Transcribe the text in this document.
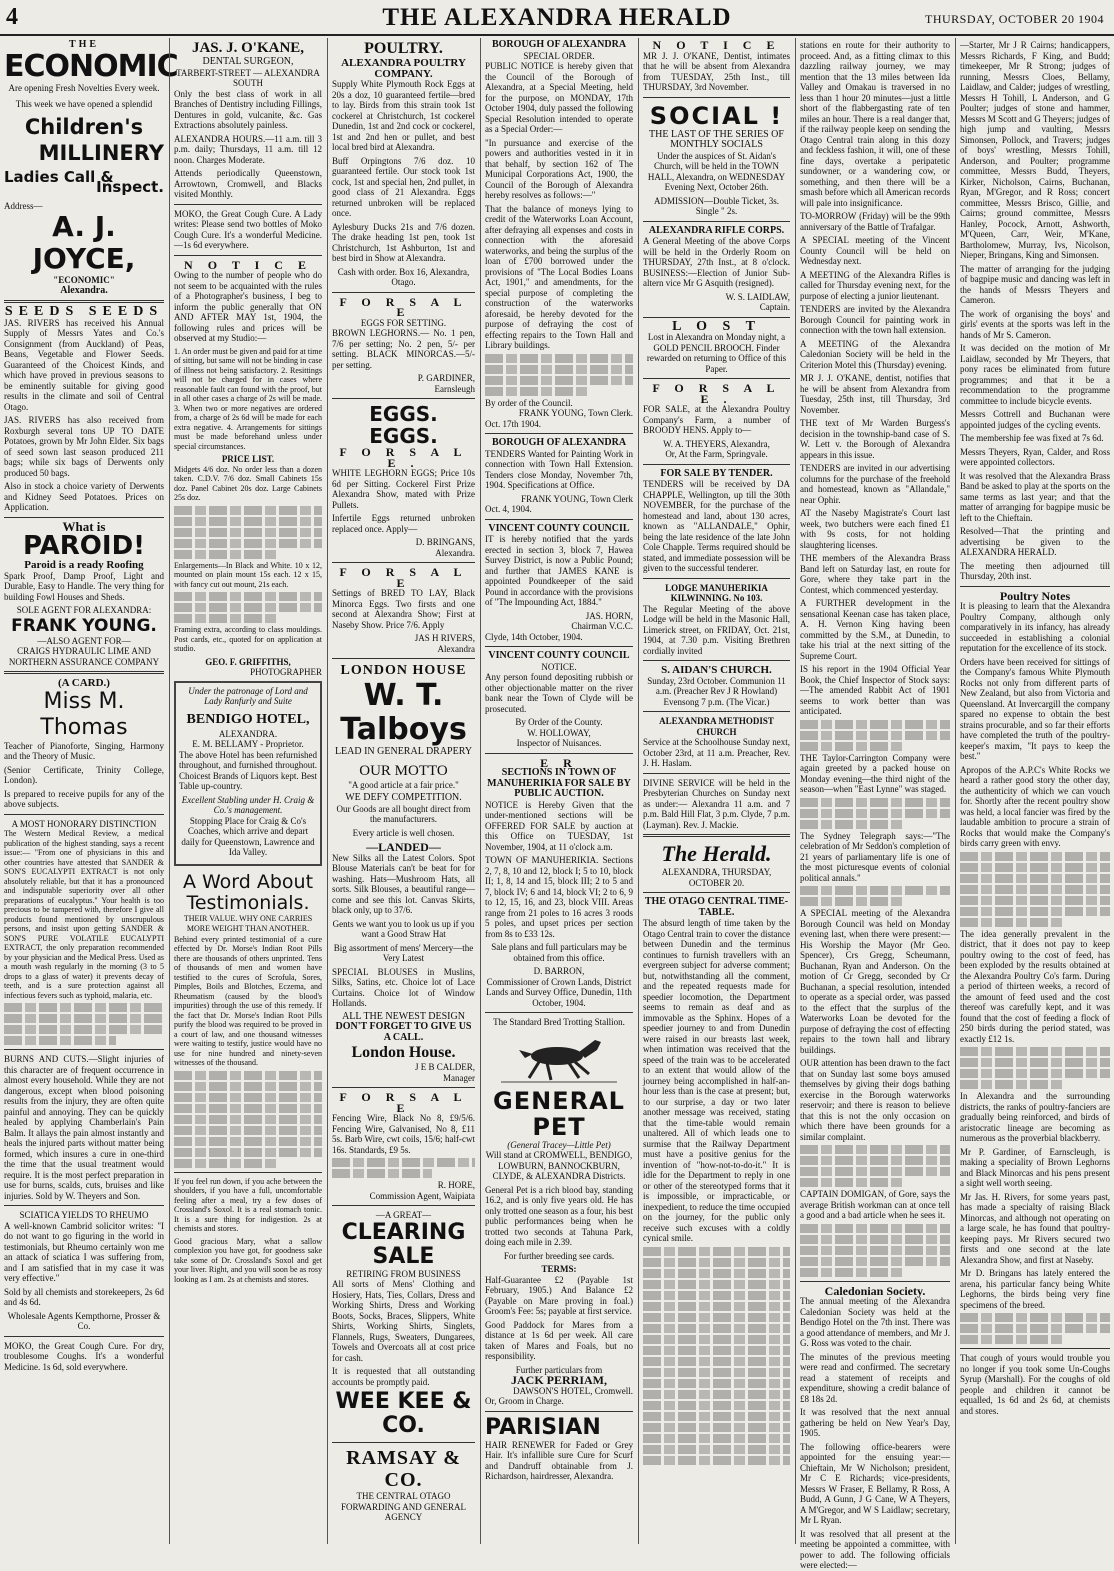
4	THE ALEXANDRA HERALD	THURSDAY, OCTOBER 20 1904
THE
ECONOMIC
Are opening Fresh Novelties Every week.
This week we have opened a splendid
Children's
MILLINERY
Ladies Call &
Inspect.
Address—
A. J. JOYCE,
"ECONOMIC"
Alexandra.
SEEDS SEEDS

JAS. RIVERS has received his Annual Supply of Messrs Yates and Co.'s Consignment (from Auckland) of Peas, Beans, Vegetable and Flower Seeds. Guaranteed of the Choicest Kinds, and which have proved in previous seasons to be eminently suitable for giving good results in the climate and soil of Central Otago.

JAS. RIVERS has also received from Roxburgh several tons UP TO DATE Potatoes, grown by Mr John Elder. Six bags of seed sown last season produced 211 bags; while six bags of Derwents only produced 50 bags.

Also in stock a choice variety of Derwents and Kidney Seed Potatoes. Prices on Application.

What is
PAROID!
Paroid is a ready Roofing

Spark Proof, Damp Proof, Light and Durable, Easy to Handle. The very thing for building Fowl Houses and Sheds.

SOLE AGENT FOR ALEXANDRA:
FRANK YOUNG.
—ALSO AGENT FOR—
CRAIGS HYDRAULIC LIME AND NORTHERN ASSURANCE COMPANY
(A CARD.)
Miss M. Thomas

Teacher of Pianoforte, Singing, Harmony and the Theory of Music.

(Senior Certificate, Trinity College, London).

Is prepared to receive pupils for any of the above subjects.

A MOST HONORARY DISTINCTION

The Western Medical Review, a medical publication of the highest standing, says a recent issue:— "From one of physicians in this and other countries have attested that SANDER & SON'S EUCALYPTI EXTRACT is not only absolutely reliable, but that it has a pronounced and indisputable superiority over all other preparations of eucalyptus." Your health is too precious to be tampered with, therefore I give all products found mentioned by unscrupulous persons, and insist upon getting SANDER & SON'S PURE VOLATILE EUCALYPTI EXTRACT, the only preparation recommended by your physician and the Medical Press. Used as a mouth wash regularly in the morning (3 to 5 drops to a glass of water) it prevents decay of teeth, and is a sure protection against all infectious fevers such as typhoid, malaria, etc.

BURNS AND CUTS.—Slight injuries of this character are of frequent occurrence in almost every household. While they are not dangerous, except when blood poisoning results from the injury, they are often quite painful and annoying. They can be quickly healed by applying Chamberlain's Pain Balm. It allays the pain almost instantly and heals the injured parts without matter being formed, which insures a cure in one-third the time that the usual treatment would require. It is the most perfect preparation in use for burns, scalds, cuts, bruises and like injuries. Sold by W. Theyers and Son.

SCIATICA YIELDS TO RHEUMO

A well-known Cambrid solicitor writes: "I do not want to go figuring in the world in testimonials, but Rheumo certainly won me an attack of sciatica I was suffering from, and I am satisfied that in my case it was very effective."

Sold by all chemists and storekeepers, 2s 6d and 4s 6d.

Wholesale Agents Kempthorne, Prosser & Co.

MOKO, the Great Cough Cure. For dry, troublesome Coughs. It's a wonderful Medicine. 1s 6d, sold everywhere.

JAS. J. O'KANE,
DENTAL SURGEON,
TARBERT-STREET — ALEXANDRA SOUTH

Only the best class of work in all Branches of Dentistry including Fillings, Dentures in gold, vulcanite, &c. Gas Extractions absolutely painless.

ALEXANDRA HOURS.—11 a.m. till 3 p.m. daily; Thursdays, 11 a.m. till 12 noon. Charges Moderate.

Attends periodically Queenstown, Arrowtown, Cromwell, and Blacks visited Monthly.

MOKO, the Great Cough Cure. A Lady writes: Please send two bottles of Moko Cough Cure. It's a wonderful Medicine.—1s 6d everywhere.

N O T I C E

Owing to the number of people who do not seem to be acquainted with the rules of a Photographer's business, I beg to inform the public generally that ON AND AFTER MAY 1st, 1904, the following rules and prices will be observed at my Studio:—

1. An order must be given and paid for at time of sitting, but same will not be binding in case of illness not being satisfactory. 2. Resittings will not be charged for in cases where reasonable fault can found with the proof, but in all other cases a charge of 2s will be made. 3. When two or more negatives are ordered from, a charge of 2s 6d will be made for each extra negative. 4. Arrangements for sittings must be made beforehand unless under special circumstances.

PRICE LIST.

Midgets 4/6 doz. No order less than a dozen taken. C.D.V. 7/6 doz. Small Cabinets 15s doz. Panel Cabinet 20s doz. Large Cabinets 25s doz.

Enlargements—In Black and White. 10 x 12, mounted on plain mount 15s each. 12 x 15, with fancy cut out mount, 21s each.

Framing extra, according to class mouldings. Post cards, etc., quoted for on application at studio.

GEO. F. GRIFFITHS,
PHOTOGRAPHER
Under the patronage of Lord and Lady Ranfurly and Suite
BENDIGO HOTEL,
ALEXANDRA.
E. M. BELLAMY - Proprietor.

The above Hotel has been refurnished throughout, and furnished throughout. Choicest Brands of Liquors kept. Best Table up-country.

Excellent Stabling under H. Craig & Co.'s management.

Stopping Place for Craig & Co's Coaches, which arrive and depart daily for Queenstown, Lawrence and Ida Valley.

A Word About Testimonials.
THEIR VALUE. WHY ONE CARRIES MORE WEIGHT THAN ANOTHER.

Behind every printed testimonial of a cure effected by Dr. Morse's Indian Root Pills there are thousands of others unprinted. Tens of thousands of men and women have testified to the cures of Scrofula, Sores, Pimples, Boils and Blotches, Eczema, and Rheumatism (caused by the blood's impurities) through the use of this remedy. If the fact that Dr. Morse's Indian Root Pills purify the blood was required to be proved in a court of law, and one thousand witnesses were waiting to testify, justice would have no use for nine hundred and ninety-seven witnesses of the thousand.

If you feel run down, if you ache between the shoulders, if you have a full, uncomfortable feeling after a meal, try a few doses of Crossland's Soxol. It is a real stomach tonic. It is a sure thing for indigestion. 2s at chemists and stores.

Good gracious Mary, what a sallow complexion you have got, for goodness sake take some of Dr. Crossland's Soxol and get your liver. Right, and you will soon be as rosy looking as I am. 2s at chemists and stores.

POULTRY.
ALEXANDRA POULTRY COMPANY.

Supply White Plymouth Rock Eggs at 20s a doz, 10 guaranteed fertile—bred to lay. Birds from this strain took 1st cockerel at Christchurch, 1st cockerel Dunedin, 1st and 2nd cock or cockerel, 1st and 2nd hen or pullet, and best local bred bird at Alexandra.

Buff Orpingtons 7/6 doz. 10 guaranteed fertile. Our stock took 1st cock, 1st and special hen, 2nd pullet, in good class of 21 Alexandra. Eggs returned unbroken will be replaced once.

Aylesbury Ducks 21s and 7/6 dozen. The drake heading 1st pen, took 1st Christchurch, 1st Ashburton, 1st and best bird in Show at Alexandra.

Cash with order. Box 16, Alexandra, Otago.
F O R S A L E
EGGS FOR SETTING.

BROWN LEGHORNS.— No. 1 pen, 7/6 per setting; No. 2 pen, 5/- per setting. BLACK MINORCAS.—5/- per setting.

P. GARDINER,
Earnsleugh
EGGS. EGGS.
F O R S A L E .

WHITE LEGHORN EGGS; Price 10s 6d per Sitting. Cockerel First Prize Alexandra Show, mated with Prize Pullets.

Infertile Eggs returned unbroken replaced once. Apply—

D. BRINGANS,
Alexandra.
F O R S A L E

Settings of BRED TO LAY, Black Minorca Eggs. Two firsts and one second at Alexandra Show; First at Naseby Show. Price 7/6. Apply

JAS H RIVERS,
Alexandra
LONDON HOUSE
W. T. Talboys
LEAD IN GENERAL DRAPERY
OUR MOTTO
"A good article at a fair price."
WE DEFY COMPETITION.

Our Goods are all bought direct from the manufacturers.

Every article is well chosen.
—LANDED—

New Silks all the Latest Colors. Spot Blouse Materials can't be beat for for washing. Hats—Mushroom Hats, all sorts. Silk Blouses, a beautiful range—come and see this lot. Canvas Skirts, black only, up to 37/6.

Gents we want you to look us up if you want a Good Straw Hat

Big assortment of mens' Mercery—the Very Latest

SPECIAL BLOUSES in Muslins, Silks, Satins, etc. Choice lot of Lace Curtains. Choice lot of Window Hollands.

ALL THE NEWEST DESIGN
DON'T FORGET TO GIVE US A CALL.
London House.
J E B CALDER,
Manager
F O R S A L E

Fencing Wire, Black No 8, £9/5/6. Fencing Wire, Galvanised, No 8, £11 5s. Barb Wire, cwt coils, 15/6; half-cwt 16s. Standards, £9 5s.

R. HORE,
Commission Agent, Waipiata
—A GREAT—
CLEARING SALE
RETIRING FROM BUSINESS

All sorts of Mens' Clothing and Hosiery, Hats, Ties, Collars, Dress and Working Shirts, Dress and Working Boots, Socks, Braces, Slippers, White Shirts, Working Shirts, Singlets, Flannels, Rugs, Sweaters, Dungarees, Towels and Overcoats all at cost price for cash.

It is requested that all outstanding accounts be promptly paid.

WEE KEE & CO.
RAMSAY & CO.
THE CENTRAL OTAGO FORWARDING AND GENERAL AGENCY
BOROUGH OF ALEXANDRA
SPECIAL ORDER.

PUBLIC NOTICE is hereby given that the Council of the Borough of Alexandra, at a Special Meeting, held for the purpose, on MONDAY, 17th October 1904, duly passed the following Special Resolution intended to operate as a Special Order:—

"In pursuance and exercise of the powers and authorities vested in it in that behalf, by section 162 of The Municipal Corporations Act, 1900, the Council of the Borough of Alexandra hereby resolves as follows:—"

That the balance of moneys lying to credit of the Waterworks Loan Account, after defraying all expenses and costs in connection with the aforesaid waterworks, and being the surplus of the loan of £700 borrowed under the provisions of "The Local Bodies Loans Act, 1901," and amendments, for the special purpose of completing the construction of the waterworks aforesaid, be hereby devoted for the purpose of defraying the cost of effecting repairs to the Town Hall and Library buildings.

By order of the Council.
FRANK YOUNG, Town Clerk.
Oct. 17th 1904.
BOROUGH OF ALEXANDRA

TENDERS Wanted for Painting Work in connection with Town Hall Extension. Tenders close Monday, November 7th, 1904. Specifications at Office.

FRANK YOUNG, Town Clerk
Oct. 4, 1904.
VINCENT COUNTY COUNCIL

IT is hereby notified that the yards erected in section 3, block 7, Hawea Survey District, is now a Public Pound; and further that JAMES KANE is appointed Poundkeeper of the said Pound in accordance with the provisions of "The Impounding Act, 1884."

JAS. HORN,
Chairman V.C.C.
Clyde, 14th October, 1904.
VINCENT COUNTY COUNCIL
NOTICE.

Any person found depositing rubbish or other objectionable matter on the river bank near the Town of Clyde will be prosecuted.

By Order of the County.
W. HOLLOWAY,
Inspector of Nuisances.
E R
SECTIONS IN TOWN OF MANUHERIKIA FOR SALE BY PUBLIC AUCTION.

NOTICE is Hereby Given that the under-mentioned sections will be OFFERED FOR SALE by auction at this Office on TUESDAY, 1st November, 1904, at 11 o'clock a.m.

TOWN OF MANUHERIKIA. Sections 2, 7, 8, 10 and 12, block I; 5 to 10, block II; 1, 8, 14 and 15, block III; 2 to 5 and 7, block IV; 6 and 14, block VI; 2 to 6, 9 to 12, 15, 16, and 23, block VIII. Areas range from 21 poles to 16 acres 3 roods 5 poles, and upset prices per section from 8s to £33 12s.

Sale plans and full particulars may be obtained from this office.

D. BARRON,

Commissioner of Crown Lands, District Lands and Survey Office, Dunedin, 11th October, 1904.

The Standard Bred Trotting Stallion.
GENERAL PET
(General Tracey—Little Pet)

Will stand at CROMWELL, BENDIGO, LOWBURN, BANNOCKBURN, CLYDE, & ALEXANDRA Districts.

General Pet is a rich blood bay, standing 16.2, and is only five years old. He has only trotted one season as a four, his best public performances being when he trotted two seconds at Tahuna Park, doing each mile in 2.39.

For further breeding see cards.
TERMS:

Half-Guarantee £2 (Payable 1st February, 1905.) And Balance £2 (Payable on Mare proving in foal.) Groom's Fee: 5s; payable at first service.

Good Paddock for Mares from a distance at 1s 6d per week. All care taken of Mares and Foals, but no responsibility.

Further particulars from
JACK PERRIAM,
DAWSON'S HOTEL, Cromwell.
Or, Groom in Charge.
PARISIAN

HAIR RENEWER for Faded or Grey Hair. It's infallible sure Cure for Scurf and Dandruff obtainable from J. Richardson, hairdresser, Alexandra.

N O T I C E

MR J. J. O'KANE, Dentist, intimates that he will be absent from Alexandra from TUESDAY, 25th Inst., till THURSDAY, 3rd November.

SOCIAL !
THE LAST OF THE SERIES OF MONTHLY SOCIALS

Under the auspices of St. Aidan's Church, will be held in the TOWN HALL, Alexandra, on WEDNESDAY Evening Next, October 26th.

ADMISSION—Double Ticket, 3s. Single " 2s.
ALEXANDRA RIFLE CORPS.

A General Meeting of the above Corps will be held in the Orderly Room on THURSDAY, 27th Inst., at 8 o'clock. BUSINESS:—Election of Junior Sub-altern vice Mr G Asquith (resigned).

W. S. LAIDLAW,
Captain.
L O S T

Lost in Alexandra on Monday night, a GOLD PENCIL BROOCH. Finder rewarded on returning to Office of this Paper.

F O R S A L E .

FOR SALE, at the Alexandra Poultry Company's Farm, a number of BROODY HENS. Apply to—

W. A. THEYERS, Alexandra,
Or, At the Farm, Springvale.
FOR SALE BY TENDER.

TENDERS will be received by DA CHAPPLE, Wellington, up till the 30th NOVEMBER, for the purchase of the homestead and land, about 130 acres, known as "ALLANDALE," Ophir, being the late residence of the late John Cole Chapple. Terms required should be stated, and immediate possession will be given to the successful tenderer.

LODGE MANUHERIKIA KILWINNING. No 103.

The Regular Meeting of the above Lodge will be held in the Masonic Hall, Limerick street, on FRIDAY, Oct. 21st, 1904, at 7.30 p.m. Visiting Brethren cordially invited

S. AIDAN'S CHURCH.

Sunday, 23rd October. Communion 11 a.m. (Preacher Rev J R Howland) Evensong 7 p.m. (The Vicar.)

ALEXANDRA METHODIST CHURCH

Service at the Schoolhouse Sunday next, October 23rd, at 11 a.m. Preacher, Rev. J. H. Haslam.

DIVINE SERVICE will be held in the Presbyterian Churches on Sunday next as under:— Alexandra 11 a.m. and 7 p.m. Bald Hill Flat, 3 p.m. Clyde, 7 p.m. (Layman). Rev. J. Mackie.

The Herald.
ALEXANDRA, THURSDAY, OCTOBER 20.
THE OTAGO CENTRAL TIME-TABLE.

The absurd length of time taken by the Otago Central train to cover the distance between Dunedin and the terminus continues to furnish travellers with an evergreen subject for adverse comment; but, notwithstanding all the comment, and the repeated requests made for speedier locomotion, the Department seems to remain as deaf and as immovable as the Sphinx. Hopes of a speedier journey to and from Dunedin were raised in our breasts last week, when intimation was received that the speed of the train was to be accelerated to an extent that would allow of the journey being accomplished in half-an-hour less than is the case at present; but, to our surprise, a day or two later another message was received, stating that the time-table would remain unaltered. All of which leads one to surmise that the Railway Department must have a positive genius for the invention of "how-not-to-do-it." It is idle for the Department to reply in one or other of the stereotyped forms that it is impossible, or impracticable, or inexpedient, to reduce the time occupied on the journey, for the public only receive such excuses with a coldly cynical smile.

stations en route for their authority to proceed. And, as a fitting climax to this dazzling railway journey, we may mention that the 13 miles between Ida Valley and Omakau is traversed in no less than 1 hour 20 minutes—just a little short of the flabbergasting rate of ten miles an hour. There is a real danger that, if the railway people keep on sending the Otago Central train along in this dozy and feckless fashion, it will, one of these fine days, overtake a peripatetic sundowner, or a wandering cow, or something, and then there will be a smash before which all American records will pale into insignificance.

TO-MORROW (Friday) will be the 99th anniversary of the Battle of Trafalgar.

A SPECIAL meeting of the Vincent County Council will be held on Wednesday next.

A MEETING of the Alexandra Rifles is called for Thursday evening next, for the purpose of electing a junior lieutenant.

TENDERS are invited by the Alexandra Borough Council for painting work in connection with the town hall extension.

A MEETING of the Alexandra Caledonian Society will be held in the Criterion Motel this (Thursday) evening.

MR J. J. O'KANE, dentist, notifies that he will be absent from Alexandra from Tuesday, 25th inst, till Thursday, 3rd November.

THE text of Mr Warden Burgess's decision in the township-band case of S. W. Lett v. the Borough of Alexandra appears in this issue.

TENDERS are invited in our advertising columns for the purchase of the freehold and homestead, known as "Allandale," near Ophir.

AT the Naseby Magistrate's Court last week, two butchers were each fined £1 with 9s costs, for not holding slaughtering licenses.

THE members of the Alexandra Brass Band left on Saturday last, en route for Gore, where they take part in the Contest, which commenced yesterday.

A FURTHER development in the sensational Keenan case has taken place, A. H. Vernon King having been committed by the S.M., at Dunedin, to take his trial at the next sitting of the Supreme Court.

IS his report in the 1904 Official Year Book, the Chief Inspector of Stock says:—The amended Rabbit Act of 1901 seems to work better than was anticipated.

THE Taylor-Carrington Company were again greeted by a packed house on Monday evening—the third night of the season—when "East Lynne" was staged.

The Sydney Telegraph says:—"The celebration of Mr Seddon's completion of 21 years of parliamentary life is one of the most picturesque events of colonial political annals."

A SPECIAL meeting of the Alexandra Borough Council was held on Monday evening last, when there were present:—His Worship the Mayor (Mr Geo. Spencer), Crs Gregg, Scheumann, Buchanan, Ryan and Anderson. On the motion of Cr Gregg, seconded by Cr Buchanan, a special resolution, intended to operate as a special order, was passed to the effect that the surplus of the Waterworks Loan be devoted for the purpose of defraying the cost of effecting repairs to the town hall and library buildings.

OUR attention has been drawn to the fact that on Sunday last some boys amused themselves by giving their dogs bathing exercise in the Borough waterworks reservoir; and there is reason to believe that this is not the only occasion on which there have been grounds for a similar complaint.

CAPTAIN DOMIGAN, of Gore, says the average British workman can at once tell a good and a bad article when he sees it.

Caledonian Society.

The annual meeting of the Alexandra Caledonian Society was held at the Bendigo Hotel on the 7th inst. There was a good attendance of members, and Mr J. G. Ross was voted to the chair.

The minutes of the previous meeting were read and confirmed. The secretary read a statement of receipts and expenditure, showing a credit balance of £8 18s 2d.

It was resolved that the next annual gathering be held on New Year's Day, 1905.

The following office-bearers were appointed for the ensuing year:—Chieftain, Mr W Nicholson; president, Mr C E Richards; vice-presidents, Messrs W Fraser, E Bellamy, R Ross, A Budd, A Gunn, J G Cane, W A Theyers, A M'Gregor, and W S Laidlaw; secretary, Mr L Ryan.

It was resolved that all present at the meeting be appointed a committee, with power to add. The following officials were elected:—

—Starter, Mr J R Cairns; handicappers, Messrs Richards, F King, and Budd; timekeeper, Mr R Strong; judges of running, Messrs Cloes, Bellamy, Laidlaw, and Calder; judges of wrestling, Messrs H Tohill, L Anderson, and G Poulter; judges of stone and hammer, Messrs M Scott and G Theyers; judges of high jump and vaulting, Messrs Simonsen, Pollock, and Travers; judges of boys' wrestling, Messrs Tohill, Anderson, and Poulter; programme committee, Messrs Budd, Theyers, Kirker, Nicholson, Cairns, Buchanan, Ryan, M'Gregor, and R Ross; concert committee, Messrs Brisco, Gillie, and Cairns; ground committee, Messrs Hanley, Pocock, Arnott, Ashworth, M'Queen, Carr, Weir, M'Kane, Bartholomew, Murray, Ivs, Nicolson, Nieper, Bringans, King and Simonsen.

The matter of arranging for the judging of bagpipe music and dancing was left in the hands of Messrs Theyers and Cameron.

The work of organising the boys' and girls' events at the sports was left in the hands of Mr S. Cameron.

It was decided on the motion of Mr Laidlaw, seconded by Mr Theyers, that pony races be eliminated from future programmes; and that it be a recommendation to the programme committee to include bicycle events.

Messrs Cottrell and Buchanan were appointed judges of the cycling events.

The membership fee was fixed at 7s 6d.

Messrs Theyers, Ryan, Calder, and Ross were appointed collectors.

It was resolved that the Alexandra Brass Band be asked to play at the sports on the same terms as last year; and that the matter of arranging for bagpipe music be left to the Chieftain.

Resolved—That the printing and advertising be given to the ALEXANDRA HERALD.

The meeting then adjourned till Thursday, 20th inst.

Poultry Notes

It is pleasing to learn that the Alexandra Poultry Company, although only comparatively in its infancy, has already succeeded in establishing a colonial reputation for the excellence of its stock.

Orders have been received for sittings of the Company's famous White Plymouth Rocks not only from different parts of New Zealand, but also from Victoria and Queensland. At Invercargill the company spared no expense to obtain the best strains procurable, and so far their efforts have completed the truth of the poultry-keeper's maxim, "It pays to keep the best."

Apropos of the A.P.C's White Rocks we heard a rather good story the other day, the authenticity of which we can vouch for. Shortly after the recent poultry show was held, a local fancier was fired by the laudable ambition to procure a strain of Rocks that would make the Company's birds carry green with envy.

The idea generally prevalent in the district, that it does not pay to keep poultry owing to the cost of feed, has been exploded by the results obtained at the Alexandra Poultry Co's farm. During a period of thirteen weeks, a record of the amount of feed used and the cost thereof was carefully kept, and it was found that the cost of feeding a flock of 250 birds during the period stated, was exactly £12 1s.

In Alexandra and the surrounding districts, the ranks of poultry-fanciers are gradually being reinforced, and birds of aristocratic lineage are becoming as numerous as the proverbial blackberry.

Mr P. Gardiner, of Earnscleugh, is making a speciality of Brown Leghorns and Black Minorcas and his pens present a sight well worth seeing.

Mr Jas. H. Rivers, for some years past, has made a specialty of raising Black Minorcas, and although not operating on a large scale, he has found that poultry-keeping pays. Mr Rivers secured two firsts and one second at the late Alexandra Show, and first at Naseby.

Mr D. Bringans has lately entered the arena, his particular fancy being White Leghorns, the birds being very fine specimens of the breed.

That cough of yours would trouble you no longer if you took some Un-Coughs Syrup (Marshall). For the coughs of old people and children it cannot be equalled, 1s 6d and 2s 6d, at chemists and stores.
